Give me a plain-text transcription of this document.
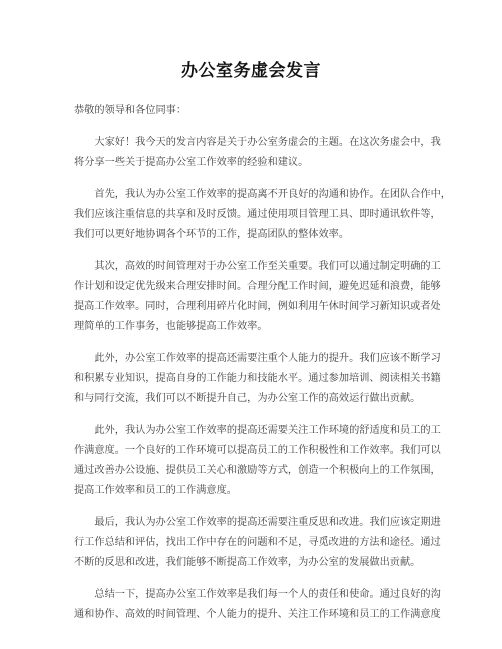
办公室务虚会发言

恭敬的领导和各位同事：

大家好！我今天的发言内容是关于办公室务虚会的主题。在这次务虚会中，我
将分享一些关于提高办公室工作效率的经验和建议。

首先，我认为办公室工作效率的提高离不开良好的沟通和协作。在团队合作中，
我们应该注重信息的共享和及时反馈。通过使用项目管理工具、即时通讯软件等，
我们可以更好地协调各个环节的工作，提高团队的整体效率。

其次，高效的时间管理对于办公室工作至关重要。我们可以通过制定明确的工
作计划和设定优先级来合理安排时间。合理分配工作时间，避免迟延和浪费，能够
提高工作效率。同时，合理利用碎片化时间，例如利用午休时间学习新知识或者处
理简单的工作事务，也能够提高工作效率。

此外，办公室工作效率的提高还需要注重个人能力的提升。我们应该不断学习
和积累专业知识，提高自身的工作能力和技能水平。通过参加培训、阅读相关书籍
和与同行交流，我们可以不断提升自己，为办公室工作的高效运行做出贡献。

此外，我认为办公室工作效率的提高还需要关注工作环境的舒适度和员工的工
作满意度。一个良好的工作环境可以提高员工的工作积极性和工作效率。我们可以
通过改善办公设施、提供员工关心和激励等方式，创造一个积极向上的工作氛围，
提高工作效率和员工的工作满意度。

最后，我认为办公室工作效率的提高还需要注重反思和改进。我们应该定期进
行工作总结和评估，找出工作中存在的问题和不足，寻觅改进的方法和途径。通过
不断的反思和改进，我们能够不断提高工作效率，为办公室的发展做出贡献。

总结一下，提高办公室工作效率是我们每一个人的责任和使命。通过良好的沟
通和协作、高效的时间管理、个人能力的提升、关注工作环境和员工的工作满意度
